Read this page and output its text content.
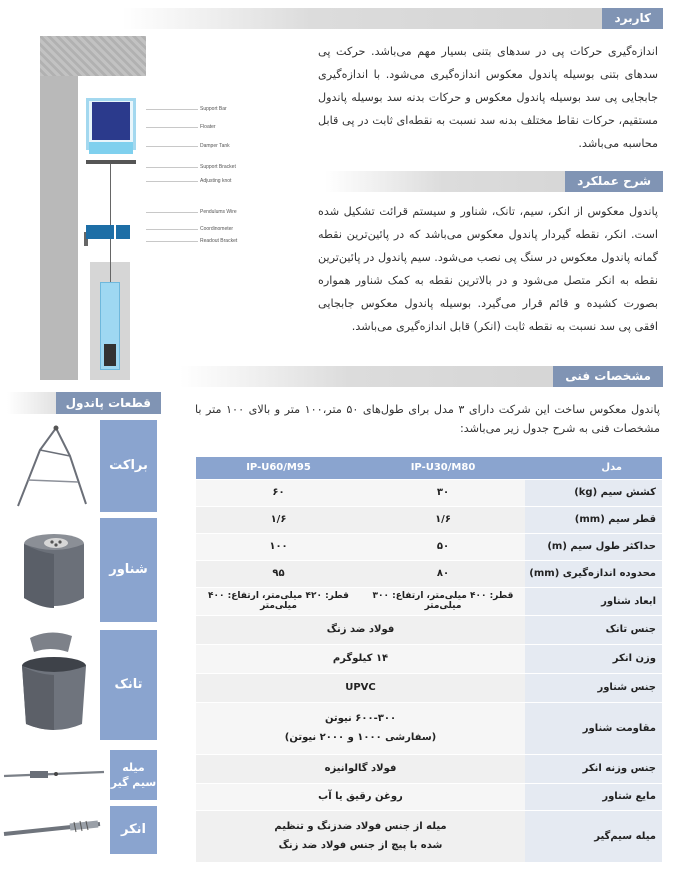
کاربرد
اندازه‌گیری حرکات پی در سدهای بتنی بسیار مهم می‌باشد. حرکت پی سدهای بتنی بوسیله پاندول معکوس اندازه‌گیری می‌شود. با اندازه‌گیری جابجایی پی سد بوسیله پاندول معکوس و حرکات بدنه سد بوسیله پاندول مستقیم، حرکات نقاط مختلف بدنه سد نسبت به نقطه‌ای ثابت در پی قابل محاسبه می‌باشد.
Support Bar
Floater
Damper Tank
Support Bracket
Adjusting knot
Pendulums Wire
Coordinometer
Readout Bracket
شرح عملکرد
پاندول معکوس از انکر، سیم، تانک، شناور و سیستم قرائت تشکیل شده است. انکر، نقطه گیردار پاندول معکوس می‌باشد که در پائین‌ترین نقطه گمانه پاندول معکوس در سنگ پی نصب می‌شود. سیم پاندول در پائین‌ترین نقطه به انکر متصل می‌شود و در بالاترین نقطه به کمک شناور همواره بصورت کشیده و قائم قرار می‌گیرد. بوسیله پاندول معکوس جابجایی افقی پی سد نسبت به نقطه ثابت (انکر) قابل اندازه‌گیری می‌باشد.
مشخصات فنی
پاندول معکوس ساخت این شرکت دارای ۳ مدل برای طول‌های ۵۰ متر،۱۰۰ متر و بالای ۱۰۰ متر با مشخصات فنی به شرح جدول زیر می‌باشد:
مدل	IP-U30/M80	IP-U60/M95
کشش سیم (kg)	۳۰	۶۰
قطر سیم (mm)	۱/۶	۱/۶
حداکثر طول سیم (m)	۵۰	۱۰۰
محدوده اندازه‌گیری (mm)	۸۰	۹۵
ابعاد شناور	قطر: ۴۰۰ میلی‌متر، ارتفاع: ۳۰۰ میلی‌متر	قطر: ۴۲۰ میلی‌متر، ارتفاع: ۴۰۰ میلی‌متر
جنس تانک	فولاد ضد زنگ	
وزن انکر	۱۴ کیلوگرم	
جنس شناور	UPVC	
مقاومت شناور	۶۰۰-۳۰۰ نیوتن
(سفارشی ۱۰۰۰ و ۲۰۰۰ نیوتن)	

جنس وزنه انکر	فولاد گالوانیزه	
مایع شناور	روغن رقیق یا آب	
میله سیم‌گیر	میله از جنس فولاد ضدزنگ و تنظیم
شده با پیچ از جنس فولاد ضد زنگ	
قطعات پاندول
براکت
شناور
تانک
میله سیم گیر
انکر
